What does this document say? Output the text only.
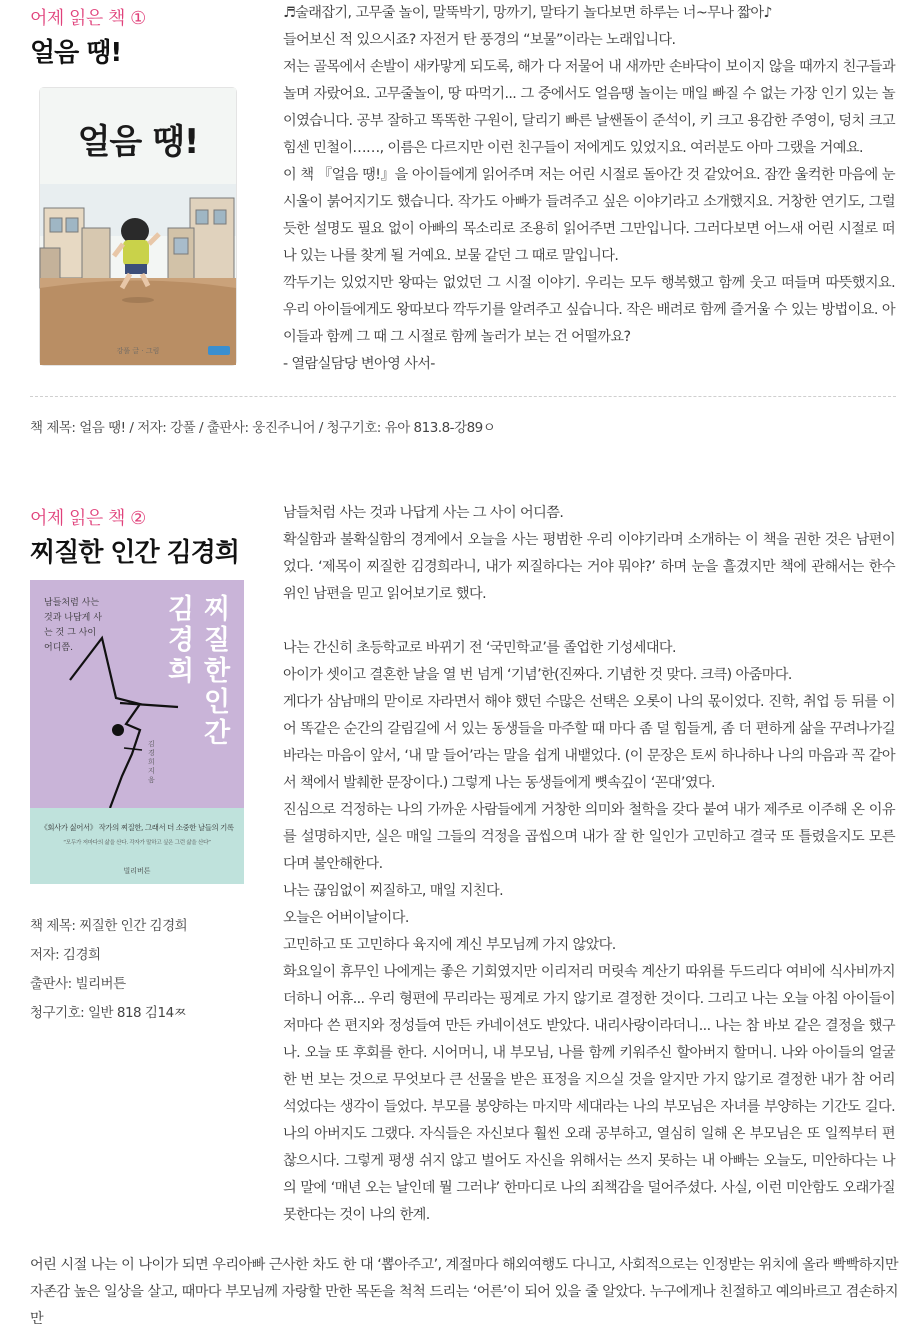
어제 읽은 책 ①
얼음 땡!
강풀 글 · 그림
얼음 땡!

♬술래잡기, 고무줄 놀이, 말뚝박기, 망까기, 말타기 놀다보면 하루는 너~무나 짧아♪

들어보신 적 있으시죠? 자전거 탄 풍경의 “보물”이라는 노래입니다.

저는 골목에서 손발이 새카맣게 되도록, 해가 다 저물어 내 새까만 손바닥이 보이지 않을 때까지 친구들과 놀며 자랐어요. 고무줄놀이, 땅 따먹기... 그 중에서도 얼음땡 놀이는 매일 빠질 수 없는 가장 인기 있는 놀이였습니다. 공부 잘하고 똑똑한 구원이, 달리기 빠른 날쌘돌이 준석이, 키 크고 용감한 주영이, 덩치 크고 힘센 민철이……, 이름은 다르지만 이런 친구들이 저에게도 있었지요. 여러분도 아마 그랬을 거예요.

이 책 『얼음 땡!』을 아이들에게 읽어주며 저는 어린 시절로 돌아간 것 같았어요. 잠깐 울컥한 마음에 눈시울이 붉어지기도 했습니다. 작가도 아빠가 들려주고 싶은 이야기라고 소개했지요. 거창한 연기도, 그럴듯한 설명도 필요 없이 아빠의 목소리로 조용히 읽어주면 그만입니다. 그러다보면 어느새 어린 시절로 떠나 있는 나를 찾게 될 거예요. 보물 같던 그 때로 말입니다.

깍두기는 있었지만 왕따는 없었던 그 시절 이야기. 우리는 모두 행복했고 함께 웃고 떠들며 따뜻했지요. 우리 아이들에게도 왕따보다 깍두기를 알려주고 싶습니다. 작은 배려로 함께 즐거울 수 있는 방법이요. 아이들과 함께 그 때 그 시절로 함께 놀러가 보는 건 어떨까요?

- 열람실담당 변아영 사서-

책 제목: 얼음 땡! / 저자: 강풀 / 출판사: 웅진주니어 / 청구기호: 유아 813.8-강89ㅇ
어제 읽은 책 ②
찌질한 인간 김경희
남들처럼 사는 것과 나답게 사는 것 그 사이 어디쯤.
찌질한 인간
김경희
김경희 지음
《회사가 싫어서》 작가의 찌질한, 그래서 더 소중한 날들의 기록
“모두가 저마다의 삶을 산다. 각자가 말하고 싶은 그런 삶을 산다”
빌리버튼
책 제목: 찌질한 인간 김경희
저자: 김경희
출판사: 빌리버튼
청구기호: 일반 818 김14ㅉ

남들처럼 사는 것과 나답게 사는 그 사이 어디쯤.

확실함과 불확실함의 경계에서 오늘을 사는 평범한 우리 이야기라며 소개하는 이 책을 권한 것은 남편이었다. ‘제목이 찌질한 김경희라니, 내가 찌질하다는 거야 뭐야?’ 하며 눈을 흘겼지만 책에 관해서는 한수 위인 남편을 믿고 읽어보기로 했다.

나는 간신히 초등학교로 바뀌기 전 ‘국민학교’를 졸업한 기성세대다.

아이가 셋이고 결혼한 날을 열 번 넘게 ‘기념’한(진짜다. 기념한 것 맞다. 크큭) 아줌마다.

게다가 삼남매의 맏이로 자라면서 해야 했던 수많은 선택은 오롯이 나의 몫이었다. 진학, 취업 등 뒤를 이어 똑같은 순간의 갈림길에 서 있는 동생들을 마주할 때 마다 좀 덜 힘들게, 좀 더 편하게 삶을 꾸려나가길 바라는 마음이 앞서, ‘내 말 들어’라는 말을 쉽게 내뱉었다. (이 문장은 토씨 하나하나 나의 마음과 꼭 같아서 책에서 발췌한 문장이다.) 그렇게 나는 동생들에게 뼛속깊이 ‘꼰대’였다.

진심으로 걱정하는 나의 가까운 사람들에게 거창한 의미와 철학을 갖다 붙여 내가 제주로 이주해 온 이유를 설명하지만, 실은 매일 그들의 걱정을 곱씹으며 내가 잘 한 일인가 고민하고 결국 또 틀렸을지도 모른다며 불안해한다.

나는 끊임없이 찌질하고, 매일 지친다.

오늘은 어버이날이다.

고민하고 또 고민하다 육지에 계신 부모님께 가지 않았다.

화요일이 휴무인 나에게는 좋은 기회였지만 이리저리 머릿속 계산기 따위를 두드리다 여비에 식사비까지 더하니 어휴... 우리 형편에 무리라는 핑계로 가지 않기로 결정한 것이다. 그리고 나는 오늘 아침 아이들이 저마다 쓴 편지와 정성들여 만든 카네이션도 받았다. 내리사랑이라더니... 나는 참 바보 같은 결정을 했구나. 오늘 또 후회를 한다. 시어머니, 내 부모님, 나를 함께 키워주신 할아버지 할머니. 나와 아이들의 얼굴 한 번 보는 것으로 무엇보다 큰 선물을 받은 표정을 지으실 것을 알지만 가지 않기로 결정한 내가 참 어리석었다는 생각이 들었다. 부모를 봉양하는 마지막 세대라는 나의 부모님은 자녀를 부양하는 기간도 길다. 나의 아버지도 그랬다. 자식들은 자신보다 훨씬 오래 공부하고, 열심히 일해 온 부모님은 또 일찍부터 편찮으시다. 그렇게 평생 쉬지 않고 벌어도 자신을 위해서는 쓰지 못하는 내 아빠는 오늘도, 미안하다는 나의 말에 ‘매년 오는 날인데 뭘 그러냐’ 한마디로 나의 죄책감을 덜어주셨다. 사실, 이런 미안함도 오래가질 못한다는 것이 나의 한계.

어린 시절 나는 이 나이가 되면 우리아빠 근사한 차도 한 대 ‘뽑아주고’, 계절마다 해외여행도 다니고, 사회적으로는 인정받는 위치에 올라 빡빡하지만 자존감 높은 일상을 살고, 때마다 부모님께 자랑할 만한 목돈을 척척 드리는 ‘어른’이 되어 있을 줄 알았다. 누구에게나 친절하고 예의바르고 겸손하지만
